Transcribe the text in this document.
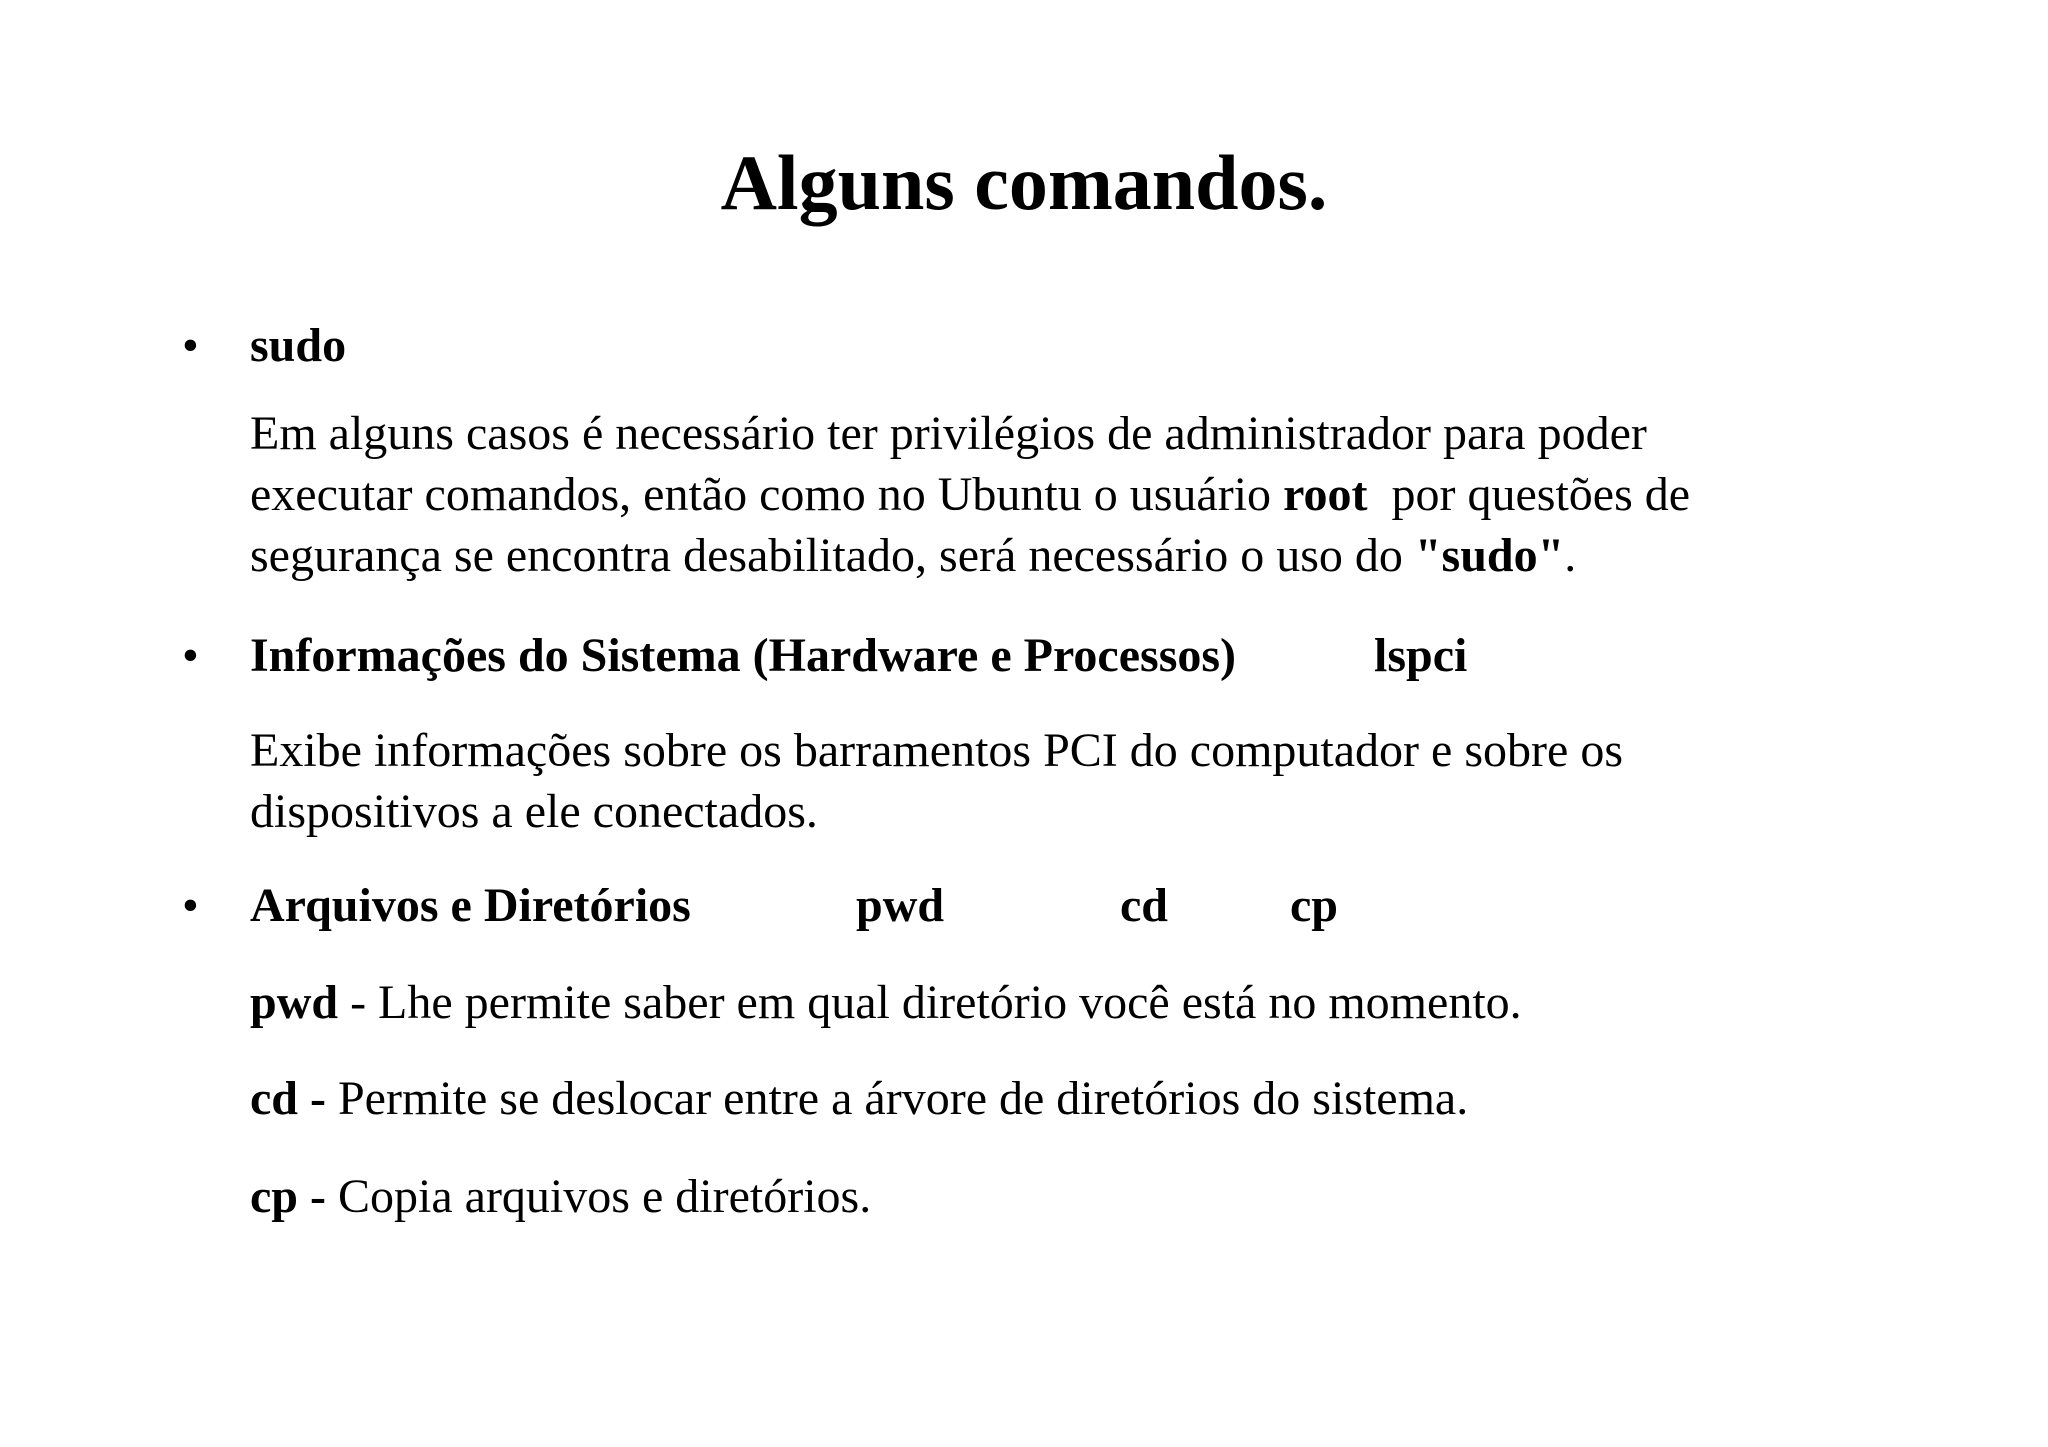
Alguns comandos.
• sudo
Em alguns casos é necessário ter privilégios de administrador para poder
executar comandos, então como no Ubuntu o usuário root  por questões de
segurança se encontra desabilitado, será necessário o uso do "sudo".
• Informações do Sistema (Hardware e Processos)	lspci
Exibe informações sobre os barramentos PCI do computador e sobre os
dispositivos a ele conectados.
• Arquivos e Diretórios	pwd	cd	cp
pwd - Lhe permite saber em qual diretório você está no momento.
cd - Permite se deslocar entre a árvore de diretórios do sistema.
cp - Copia arquivos e diretórios.
